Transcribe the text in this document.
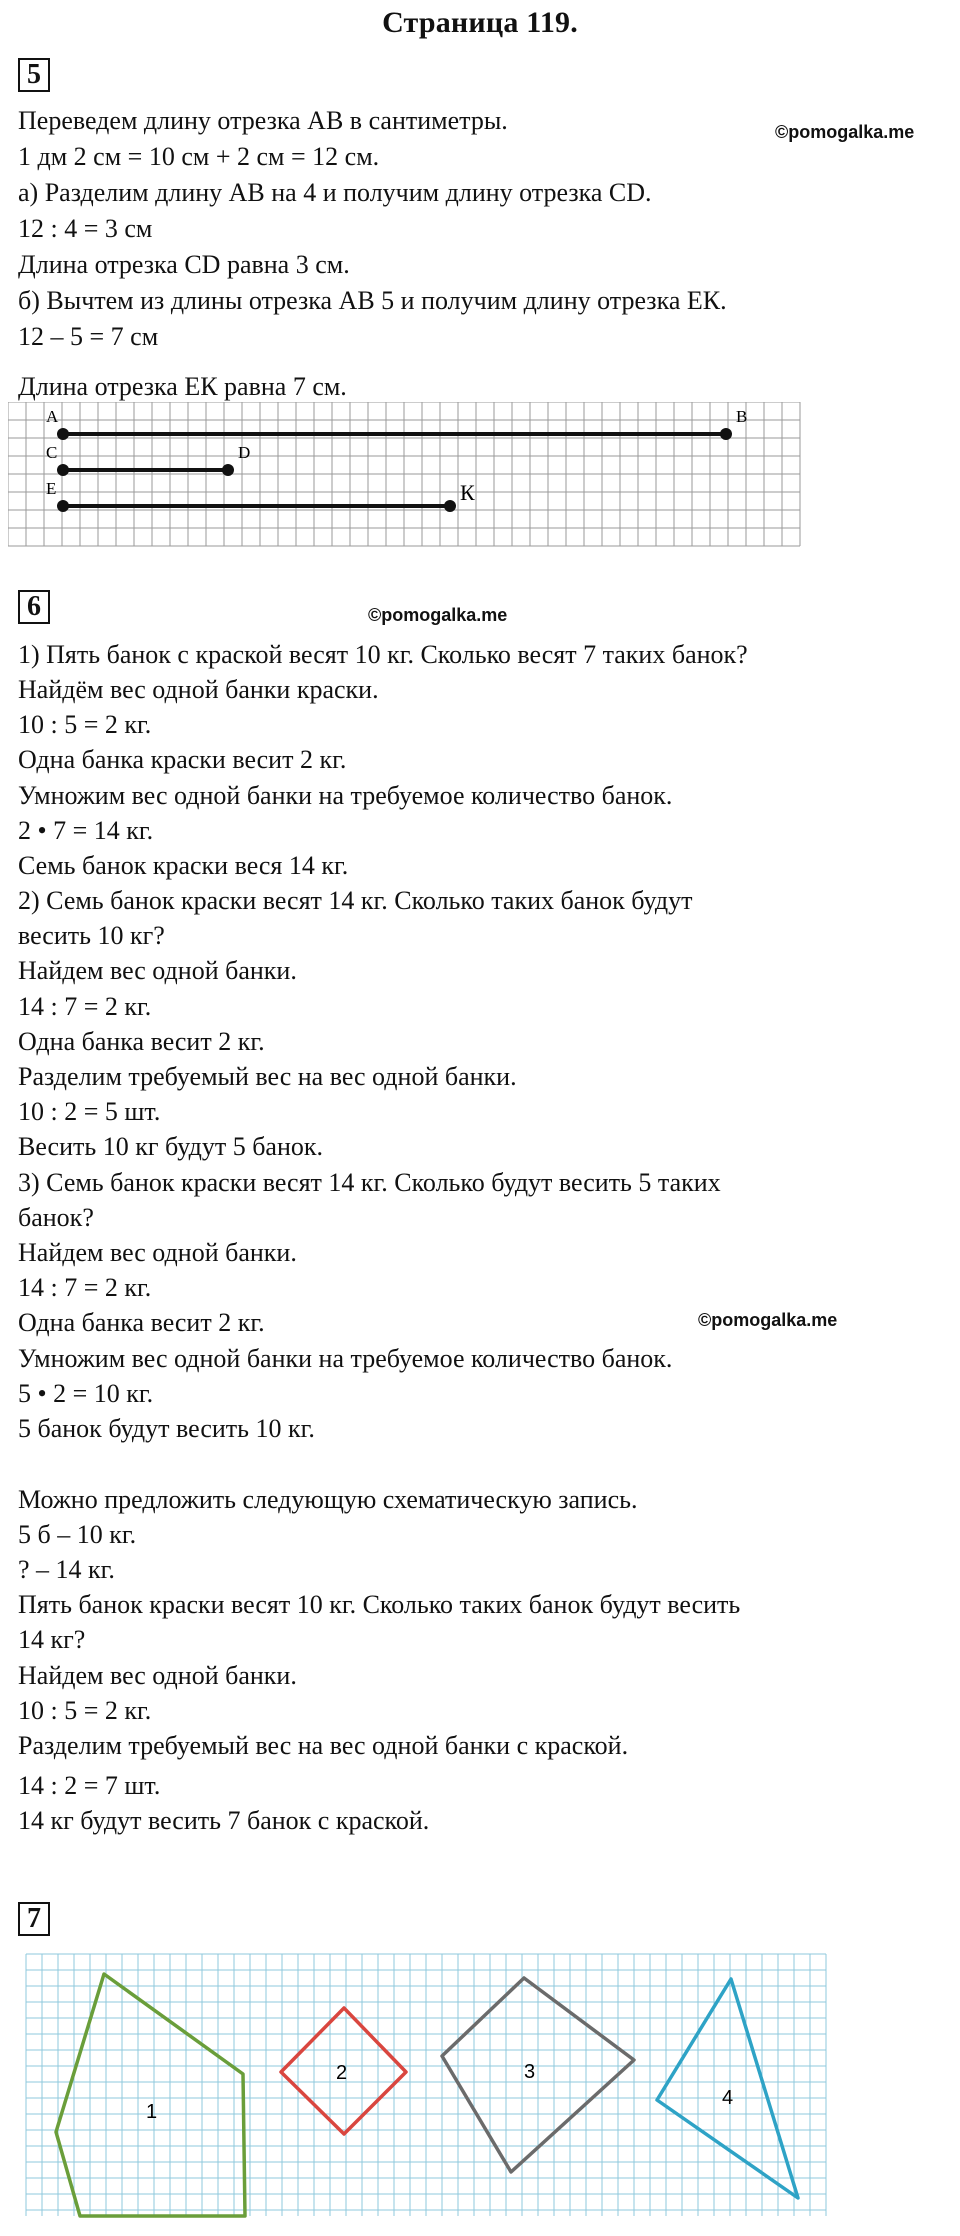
Страница 119.
5
©pomogalka.me
Переведем длину отрезка АВ в сантиметры.
1 дм 2 см = 10 см + 2 см = 12 см.
а) Разделим длину АВ на 4 и получим длину отрезка CD.
12 : 4 = 3 см
Длина отрезка CD равна 3 см.
б) Вычтем из длины отрезка АВ 5 и получим длину отрезка ЕК.
12 – 5 = 7 см
Длина отрезка ЕК равна 7 см.
A	B
C	D
E	К
6	©pomogalka.me
©pomogalka.me
1) Пять банок с краской весят 10 кг. Сколько весят 7 таких банок?
Найдём вес одной банки краски.
10 : 5 = 2 кг.
Одна банка краски весит 2 кг.
Умножим вес одной банки на требуемое количество банок.
2 • 7 = 14 кг.
Семь банок краски веся 14 кг.
2) Семь банок краски весят 14 кг. Сколько таких банок будут
весить 10 кг?
Найдем вес одной банки.
14 : 7 = 2 кг.
Одна банка весит 2 кг.
Разделим требуемый вес на вес одной банки.
10 : 2 = 5 шт.
Весить 10 кг будут 5 банок.
3) Семь банок краски весят 14 кг. Сколько будут весить 5 таких
банок?
Найдем вес одной банки.
14 : 7 = 2 кг.
Одна банка весит 2 кг.
Умножим вес одной банки на требуемое количество банок.
5 • 2 = 10 кг.
5 банок будут весить 10 кг.
Можно предложить следующую схематическую запись.
5 б – 10 кг.
? – 14 кг.
Пять банок краски весят 10 кг. Сколько таких банок будут весить
14 кг?
Найдем вес одной банки.
10 : 5 = 2 кг.
Разделим требуемый вес на вес одной банки с краской.
14 : 2 = 7 шт.
14 кг будут весить 7 банок с краской.
7
1
2	3
4
